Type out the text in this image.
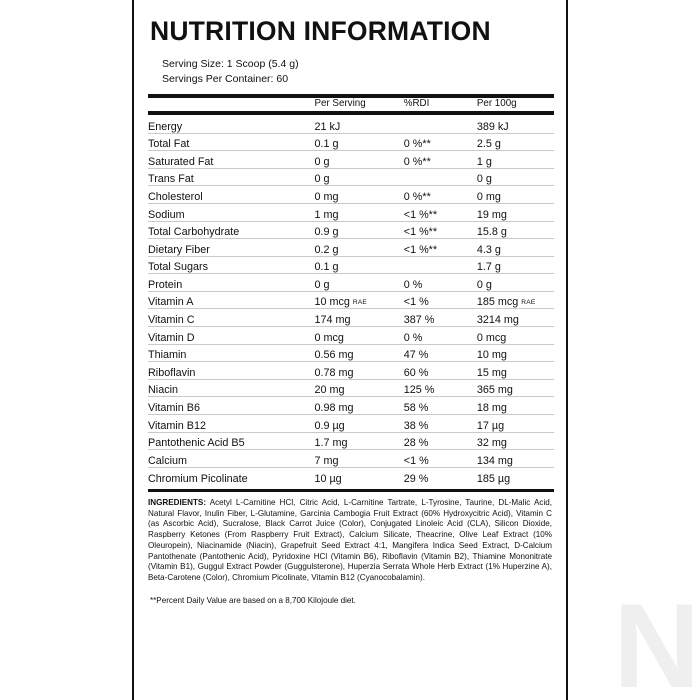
N
NUTRITION INFORMATION
Serving Size: 1 Scoop (5.4 g)
Servings Per Container: 60
	Per Serving	%RDI	Per 100g
Energy	21 kJ		389 kJ
Total Fat	0.1 g	0 %**	2.5 g
Saturated Fat	0 g	0 %**	1 g
Trans Fat	0 g		0 g
Cholesterol	0 mg	0 %**	0 mg
Sodium	1 mg	<1 %**	19 mg
Total Carbohydrate	0.9 g	<1 %**	15.8 g
Dietary Fiber	0.2 g	<1 %**	4.3 g
Total Sugars	0.1 g		1.7 g
Protein	0 g	0 %	0 g
Vitamin A	10 mcg RAE	<1 %	185 mcg RAE
Vitamin C	174 mg	387 %	3214 mg
Vitamin D	0 mcg	0 %	0 mcg
Thiamin	0.56 mg	47 %	10 mg
Riboflavin	0.78 mg	60 %	15 mg
Niacin	20 mg	125 %	365 mg
Vitamin B6	0.98 mg	58 %	18 mg
Vitamin B12	0.9 µg	38 %	17 µg
Pantothenic Acid B5	1.7 mg	28 %	32 mg
Calcium	7 mg	<1 %	134 mg
Chromium Picolinate	10 µg	29 %	185 µg
INGREDIENTS: Acetyl L-Carnitine HCl, Citric Acid, L-Carnitine Tartrate, L-Tyrosine, Taurine, DL-Malic Acid, Natural Flavor, Inulin Fiber, L-Glutamine, Garcinia Cambogia Fruit Extract (60% Hydroxycitric Acid), Vitamin C (as Ascorbic Acid), Sucralose, Black Carrot Juice (Color), Conjugated Linoleic Acid (CLA), Silicon Dioxide, Raspberry Ketones (From Raspberry Fruit Extract), Calcium Silicate, Theacrine, Olive Leaf Extract (10% Oleuropein), Niacinamide (Niacin), Grapefruit Seed Extract 4:1, Mangifera Indica Seed Extract, D-Calcium Pantothenate (Pantothenic Acid), Pyridoxine HCl (Vitamin B6), Riboflavin (Vitamin B2), Thiamine Mononitrate (Vitamin B1), Guggul Extract Powder (Guggulsterone), Huperzia Serrata Whole Herb Extract (1% Huperzine A), Beta-Carotene (Color), Chromium Picolinate, Vitamin B12 (Cyanocobalamin).
**Percent Daily Value are based on a 8,700 Kilojoule diet.
